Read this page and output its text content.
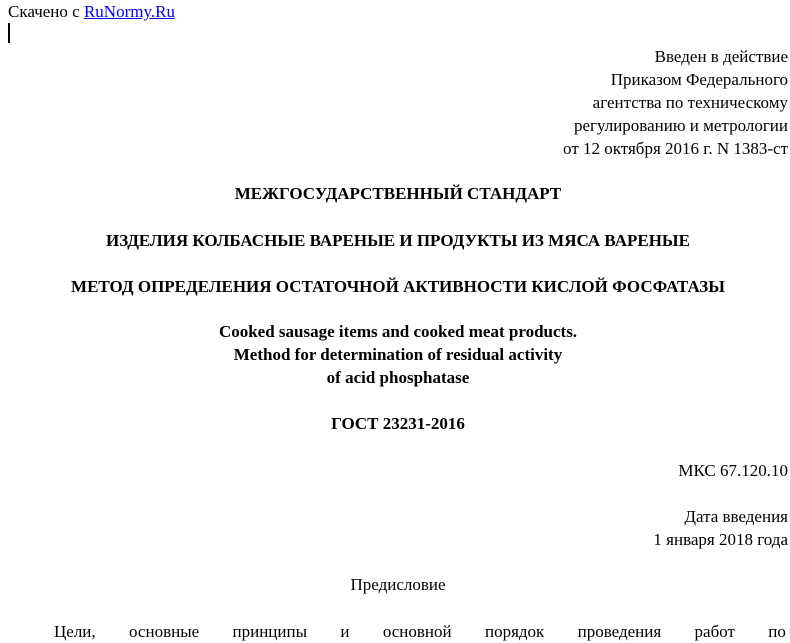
Скачено с RuNormy.Ru
Введен в действие
Приказом Федерального
агентства по техническому
регулированию и метрологии
от 12 октября 2016 г. N 1383-ст
МЕЖГОСУДАРСТВЕННЫЙ СТАНДАРТ
ИЗДЕЛИЯ КОЛБАСНЫЕ ВАРЕНЫЕ И ПРОДУКТЫ ИЗ МЯСА ВАРЕНЫЕ
МЕТОД ОПРЕДЕЛЕНИЯ ОСТАТОЧНОЙ АКТИВНОСТИ КИСЛОЙ ФОСФАТАЗЫ
Cooked sausage items and cooked meat products.
Method for determination of residual activity
of acid phosphatase
ГОСТ 23231-2016
МКС 67.120.10
Дата введения
1 января 2018 года
Предисловие
Цели, основные принципы и основной порядок проведения работ по
